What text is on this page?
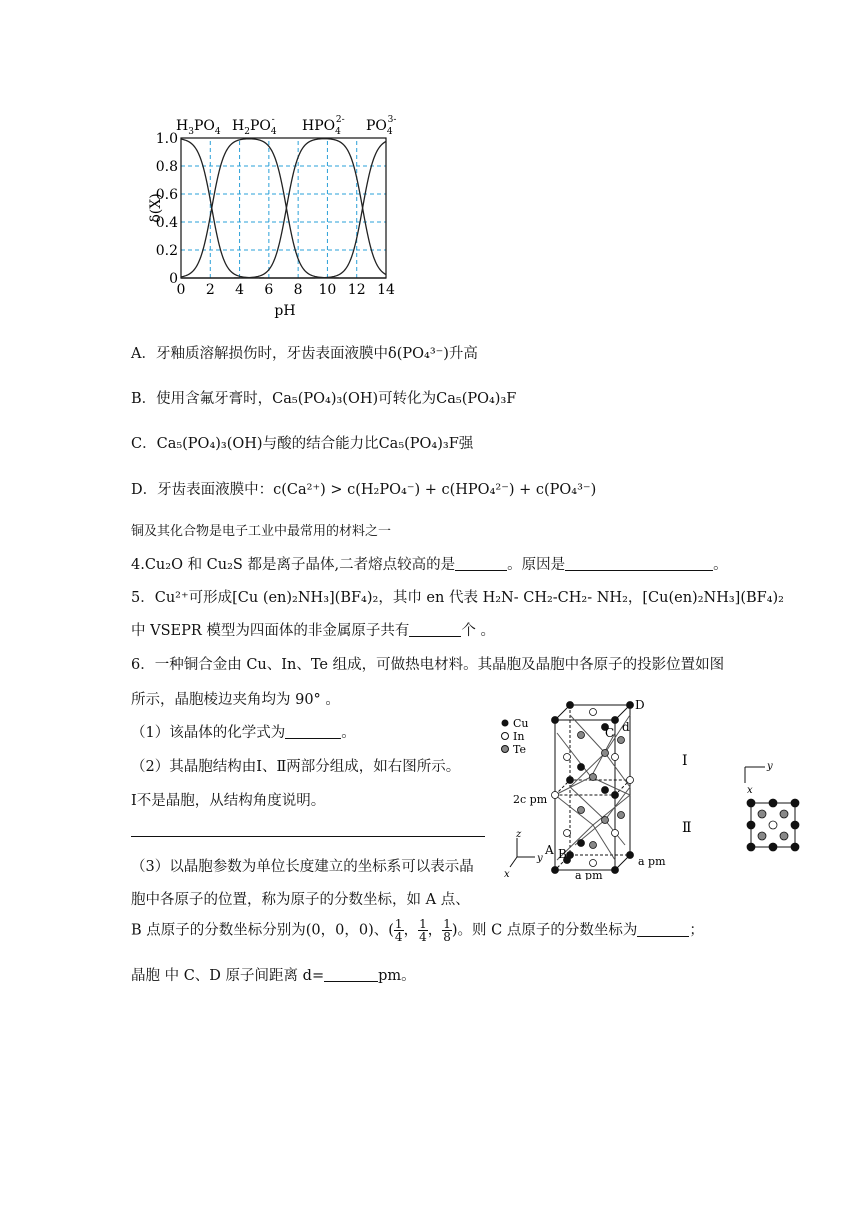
0 2 4 6 8 10 12 14
0
0.2
0.4
0.6
0.8
1.0
$H_3PO_4$ $H_2PO_4-$ $HPO_42-$ $PO_43-$
δ(X)
pH
A．牙釉质溶解损伤时，牙齿表面液膜中δ(PO₄³⁻)升高
B．使用含氟牙膏时，Ca₅(PO₄)₃(OH)可转化为Ca₅(PO₄)₃F
C．Ca₅(PO₄)₃(OH)与酸的结合能力比Ca₅(PO₄)₃F强
D．牙齿表面液膜中：c(Ca²⁺) > c(H₂PO₄⁻) + c(HPO₄²⁻) + c(PO₄³⁻)
铜及其化合物是电子工业中最常用的材料之一
4.Cu₂O 和 Cu₂S 都是离子晶体,二者熔点较高的是	。原因是	。
5．Cu²⁺可形成[Cu (en)₂NH₃](BF₄)₂，其巾 en 代表 H₂N- CH₂-CH₂- NH₂，[Cu(en)₂NH₃](BF₄)₂
中 VSEPR 模型为四面体的非金属原子共有	个 。
6．一种铜合金由 Cu、In、Te 组成，可做热电材料。其晶胞及晶胞中各原子的投影位置如图
所示，晶胞棱边夹角均为 90° 。
（1）该晶体的化学式为	。
（2）其晶胞结构由Ⅰ、Ⅱ两部分组成，如右图所示。
Ⅰ不是晶胞，从结构角度说明。
（3）以晶胞参数为单位长度建立的坐标系可以表示晶
胞中各原子的位置，称为原子的分数坐标，如 A 点、
B 点原子的分数坐标分别为(0，0，0)、( $\frac{1}{4}$ ， $\frac{1}{4}$ ， $\frac{1}{8}$ )。则 C 点原子的分数坐标为	；
晶胞 中 C、D 原子间距离 d=	pm。
Cu
In
Te
D
C d
A B
Ⅰ
Ⅱ
2c pm
a pm
a pm
z
y
x
y
x
